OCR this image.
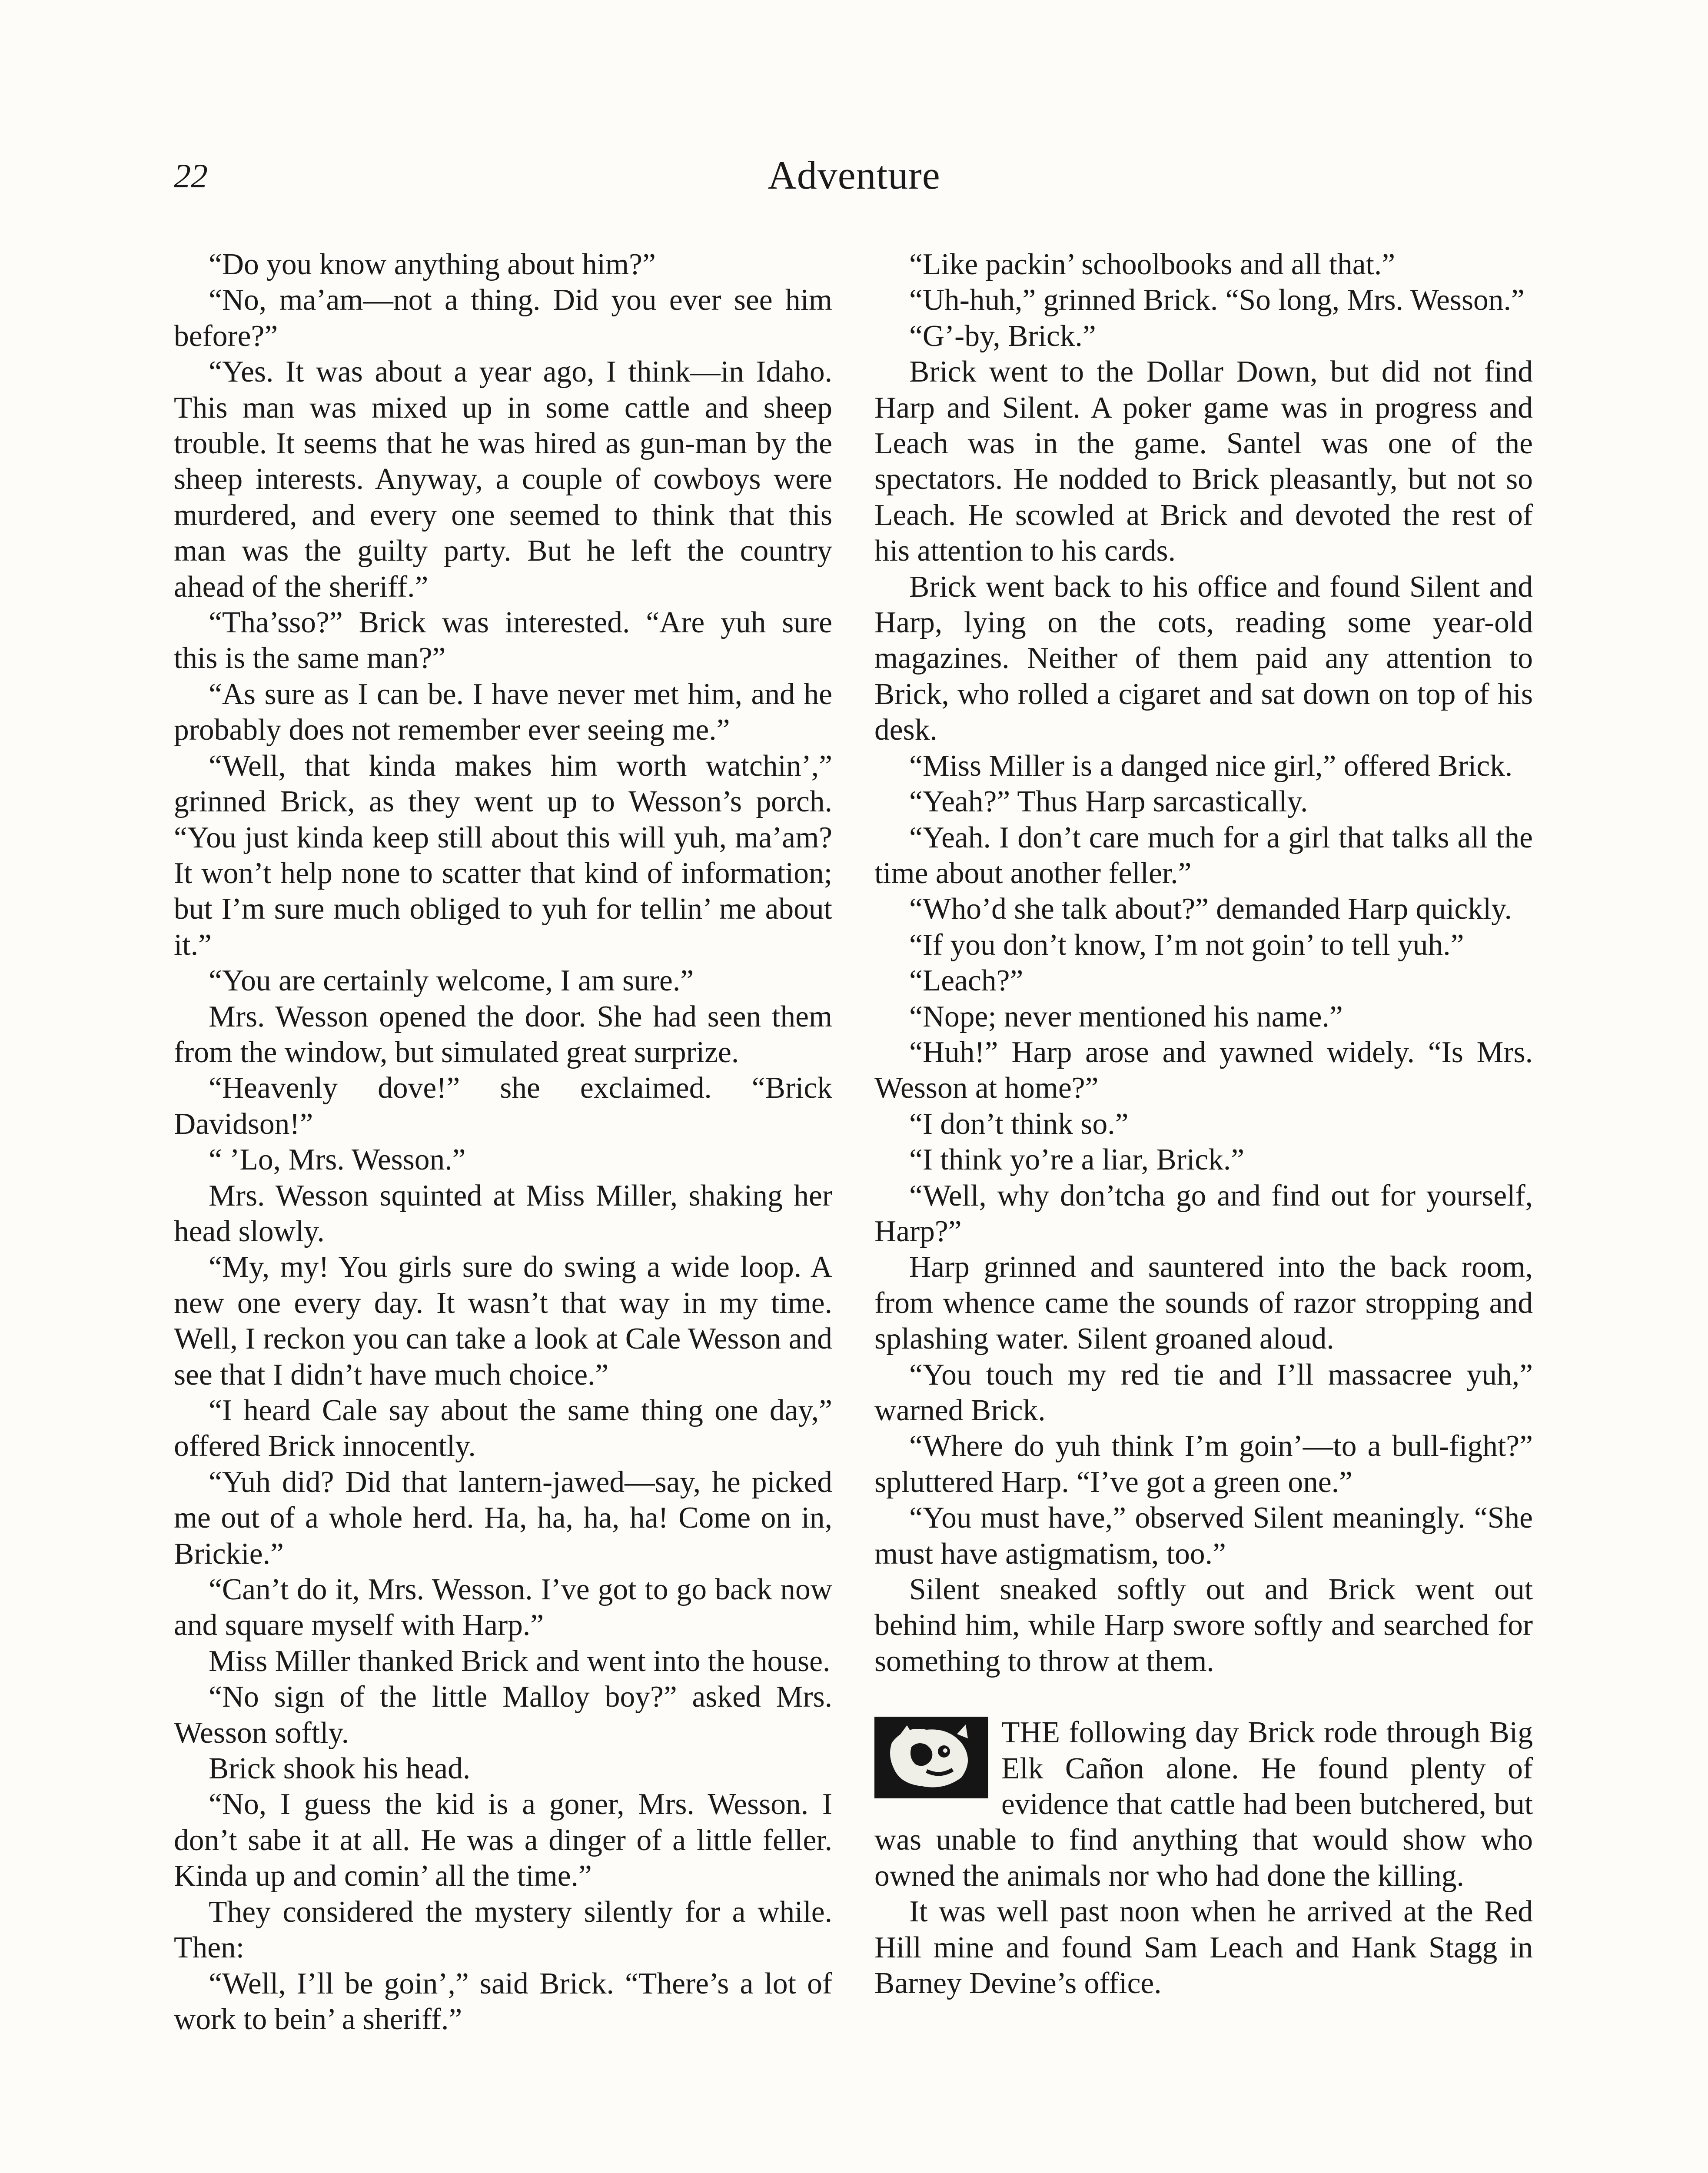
22	Adventure

“Do you know anything about him?”

“No, ma’am—not a thing. Did you ever see him before?”

“Yes. It was about a year ago, I think—in Idaho. This man was mixed up in some cattle and sheep trouble. It seems that he was hired as gun-man by the sheep interests. Anyway, a couple of cowboys were murdered, and every one seemed to think that this man was the guilty party. But he left the country ahead of the sheriff.”

“Tha’sso?” Brick was interested. “Are yuh sure this is the same man?”

“As sure as I can be. I have never met him, and he probably does not remember ever seeing me.”

“Well, that kinda makes him worth watchin’,” grinned Brick, as they went up to Wesson’s porch. “You just kinda keep still about this will yuh, ma’am? It won’t help none to scatter that kind of information; but I’m sure much obliged to yuh for tellin’ me about it.”

“You are certainly welcome, I am sure.”

Mrs. Wesson opened the door. She had seen them from the window, but simulated great surprize.

“Heavenly dove!” she exclaimed. “Brick Davidson!”

“ ’Lo, Mrs. Wesson.”

Mrs. Wesson squinted at Miss Miller, shaking her head slowly.

“My, my! You girls sure do swing a wide loop. A new one every day. It wasn’t that way in my time. Well, I reckon you can take a look at Cale Wesson and see that I didn’t have much choice.”

“I heard Cale say about the same thing one day,” offered Brick innocently.

“Yuh did? Did that lantern-jawed—say, he picked me out of a whole herd. Ha, ha, ha, ha! Come on in, Brickie.”

“Can’t do it, Mrs. Wesson. I’ve got to go back now and square myself with Harp.”

Miss Miller thanked Brick and went into the house.

“No sign of the little Malloy boy?” asked Mrs. Wesson softly.

Brick shook his head.

“No, I guess the kid is a goner, Mrs. Wesson. I don’t sabe it at all. He was a dinger of a little feller. Kinda up and comin’ all the time.”

They considered the mystery silently for a while. Then:

“Well, I’ll be goin’,” said Brick. “There’s a lot of work to bein’ a sheriff.”

“Like packin’ schoolbooks and all that.”

“Uh-huh,” grinned Brick. “So long, Mrs. Wesson.”

“G’-by, Brick.”

Brick went to the Dollar Down, but did not find Harp and Silent. A poker game was in progress and Leach was in the game. Santel was one of the spectators. He nodded to Brick pleasantly, but not so Leach. He scowled at Brick and devoted the rest of his attention to his cards.

Brick went back to his office and found Silent and Harp, lying on the cots, reading some year-old magazines. Neither of them paid any attention to Brick, who rolled a cigaret and sat down on top of his desk.

“Miss Miller is a danged nice girl,” offered Brick.

“Yeah?” Thus Harp sarcastically.

“Yeah. I don’t care much for a girl that talks all the time about another feller.”

“Who’d she talk about?” demanded Harp quickly.

“If you don’t know, I’m not goin’ to tell yuh.”

“Leach?”

“Nope; never mentioned his name.”

“Huh!” Harp arose and yawned widely. “Is Mrs. Wesson at home?”

“I don’t think so.”

“I think yo’re a liar, Brick.”

“Well, why don’tcha go and find out for yourself, Harp?”

Harp grinned and sauntered into the back room, from whence came the sounds of razor stropping and splashing water. Silent groaned aloud.

“You touch my red tie and I’ll massacree yuh,” warned Brick.

“Where do yuh think I’m goin’—to a bull-fight?” spluttered Harp. “I’ve got a green one.”

“You must have,” observed Silent meaningly. “She must have astigmatism, too.”

Silent sneaked softly out and Brick went out behind him, while Harp swore softly and searched for something to throw at them.

THE following day Brick rode through Big Elk Cañon alone. He found plenty of evidence that cattle had been butchered, but was unable to find anything that would show who owned the animals nor who had done the killing.

It was well past noon when he arrived at the Red Hill mine and found Sam Leach and Hank Stagg in Barney Devine’s office.
